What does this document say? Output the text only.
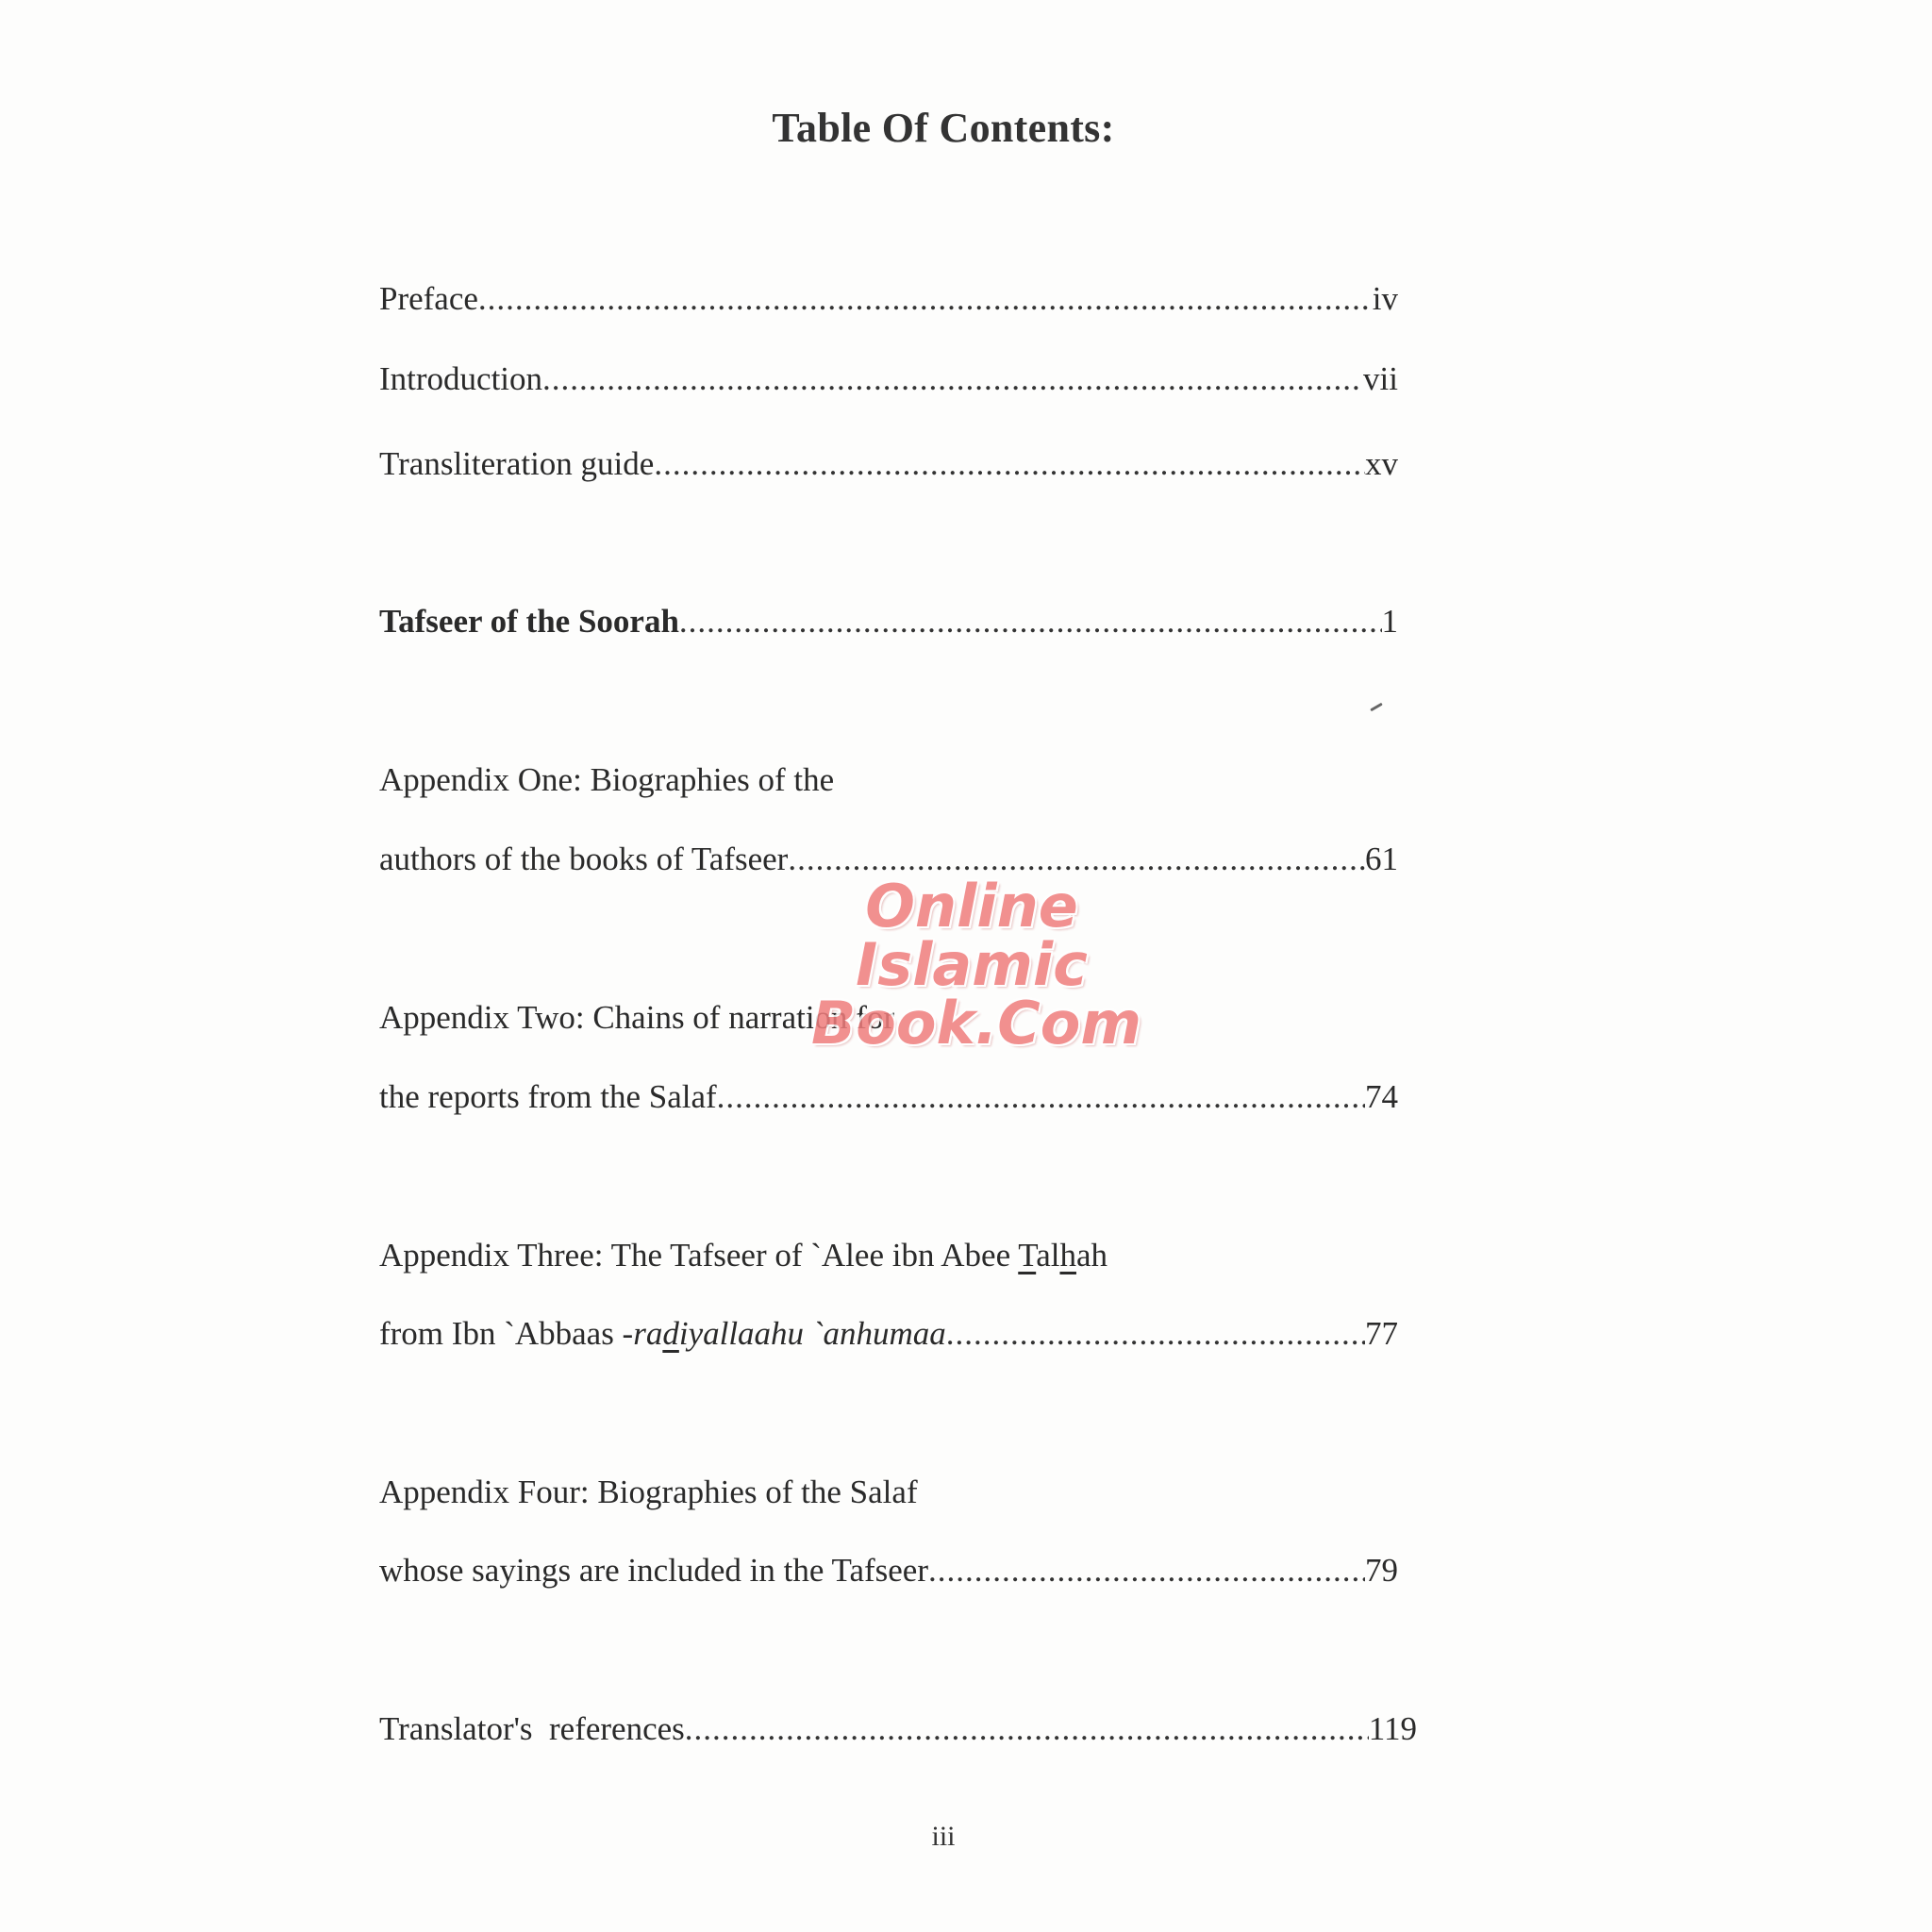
Table Of Contents:
Preface .....	iv
Introduction .....	vii
Transliteration guide .....	xv
Tafseer of the Soorah .....	1
Appendix One: Biographies of the
authors of the books of Tafseer .....	61
Appendix Two: Chains of narration for
the reports from the Salaf .....	74
Appendix Three: The Tafseer of `Alee ibn Abee Talhah
from Ibn `Abbaas -radiyallaahu `anhumaa .....	77
Appendix Four: Biographies of the Salaf
whose sayings are included in the Tafseer .....	79
Translator's  references .....	119
iii
Online Islamic
Book.Com
